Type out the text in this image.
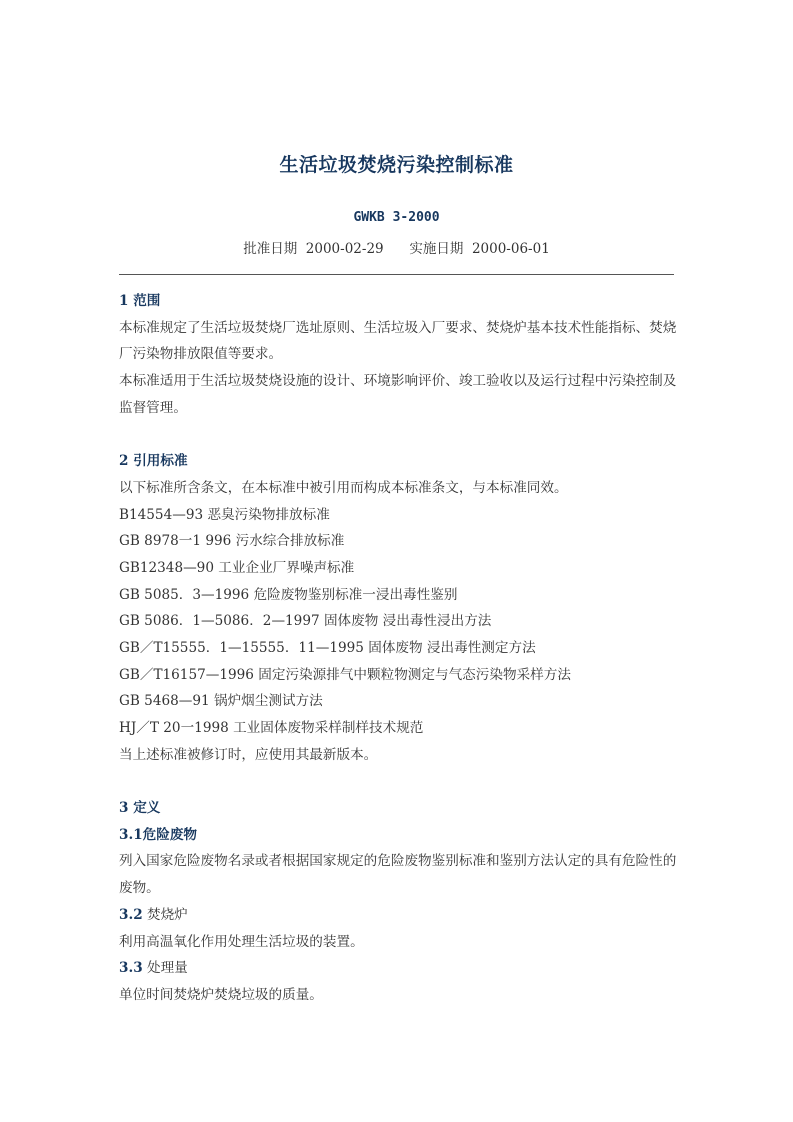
生活垃圾焚烧污染控制标准
GWKB 3-2000
批准日期  2000-02-29      实施日期  2000-06-01
1 范围
本标准规定了生活垃圾焚烧厂选址原则、生活垃圾入厂要求、焚烧炉基本技术性能指标、焚烧
厂污染物排放限值等要求。
本标准适用于生活垃圾焚烧设施的设计、环境影响评价、竣工验收以及运行过程中污染控制及
监督管理。
2 引用标准
以下标准所含条文，在本标准中被引用而构成本标准条文，与本标准同效。
B14554—93 恶臭污染物排放标准
GB 8978一1 996 污水综合排放标准
GB12348—90 工业企业厂界噪声标准
GB 5085．3—1996 危险废物鉴别标准一浸出毒性鉴别
GB 5086．1—5086．2—1997 固体废物 浸出毒性浸出方法
GB／T15555．1—15555．11—1995 固体废物 浸出毒性测定方法
GB／T16157—1996 固定污染源排气中颗粒物测定与气态污染物采样方法
GB 5468—91 锅炉烟尘测试方法
HJ／T 20一1998 工业固体废物采样制样技术规范
当上述标准被修订时，应使用其最新版本。
3 定义
3.1危险废物
列入国家危险废物名录或者根据国家规定的危险废物鉴别标准和鉴别方法认定的具有危险性的
废物。
3.2 焚烧炉
利用高温氧化作用处理生活垃圾的装置。
3.3 处理量
单位时间焚烧炉焚烧垃圾的质量。
